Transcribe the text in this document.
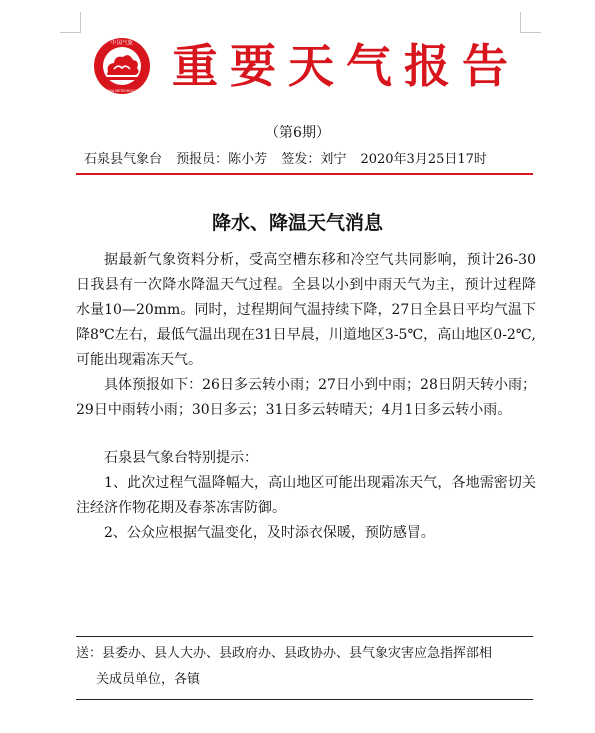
中国气象
CHINA METEOROLOGY 重要天气报告
（第6期）
石泉县气象台 预报员：陈小芳 签发：刘宁 2020年3月25日17时
降水、降温天气消息

据最新气象资料分析，受高空槽东移和冷空气共同影响，预计26-30日我县有一次降水降温天气过程。全县以小到中雨天气为主，预计过程降水量10—20mm。同时，过程期间气温持续下降，27日全县日平均气温下降8℃左右，最低气温出现在31日早晨，川道地区3-5℃，高山地区0-2℃,可能出现霜冻天气。

具体预报如下：26日多云转小雨；27日小到中雨；28日阴天转小雨；29日中雨转小雨；30日多云；31日多云转晴天；4月1日多云转小雨。

石泉县气象台特别提示：

1、此次过程气温降幅大，高山地区可能出现霜冻天气，各地需密切关注经济作物花期及春茶冻害防御。

2、公众应根据气温变化，及时添衣保暖，预防感冒。

送：县委办、县人大办、县政府办、县政协办、县气象灾害应急指挥部相
关成员单位，各镇
